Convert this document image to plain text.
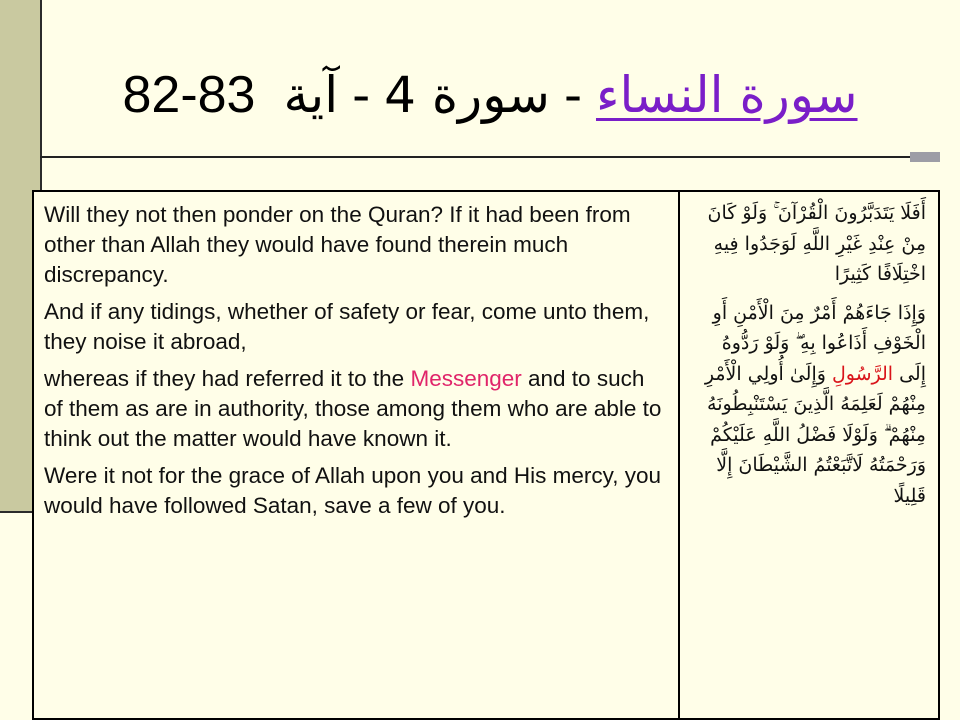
سورة النساء
-
سورة 4
-
آية
82-83

Will they not then ponder on the Quran? If it had been from other than Allah they would have found therein much discrepancy.

And if any tidings, whether of safety or fear, come unto them, they noise it abroad,

whereas if they had referred it to the Messenger and to such of them as are in authority, those among them who are able to think out the matter would have known it.

Were it not for the grace of Allah upon you and His mercy, you would have followed Satan, save a few of you.

أَفَلَا يَتَدَبَّرُونَ الْقُرْآنَ ۚ وَلَوْ كَانَ مِنْ عِنْدِ غَيْرِ اللَّهِ لَوَجَدُوا فِيهِ اخْتِلَافًا كَثِيرًا

وَإِذَا جَاءَهُمْ أَمْرٌ مِنَ الْأَمْنِ أَوِ الْخَوْفِ أَذَاعُوا بِهِ ۖ وَلَوْ رَدُّوهُ إِلَى الرَّسُولِ وَإِلَىٰ أُولِي الْأَمْرِ مِنْهُمْ لَعَلِمَهُ الَّذِينَ يَسْتَنْبِطُونَهُ مِنْهُمْ ۗ وَلَوْلَا فَضْلُ اللَّهِ عَلَيْكُمْ وَرَحْمَتُهُ لَاتَّبَعْتُمُ الشَّيْطَانَ إِلَّا قَلِيلًا
